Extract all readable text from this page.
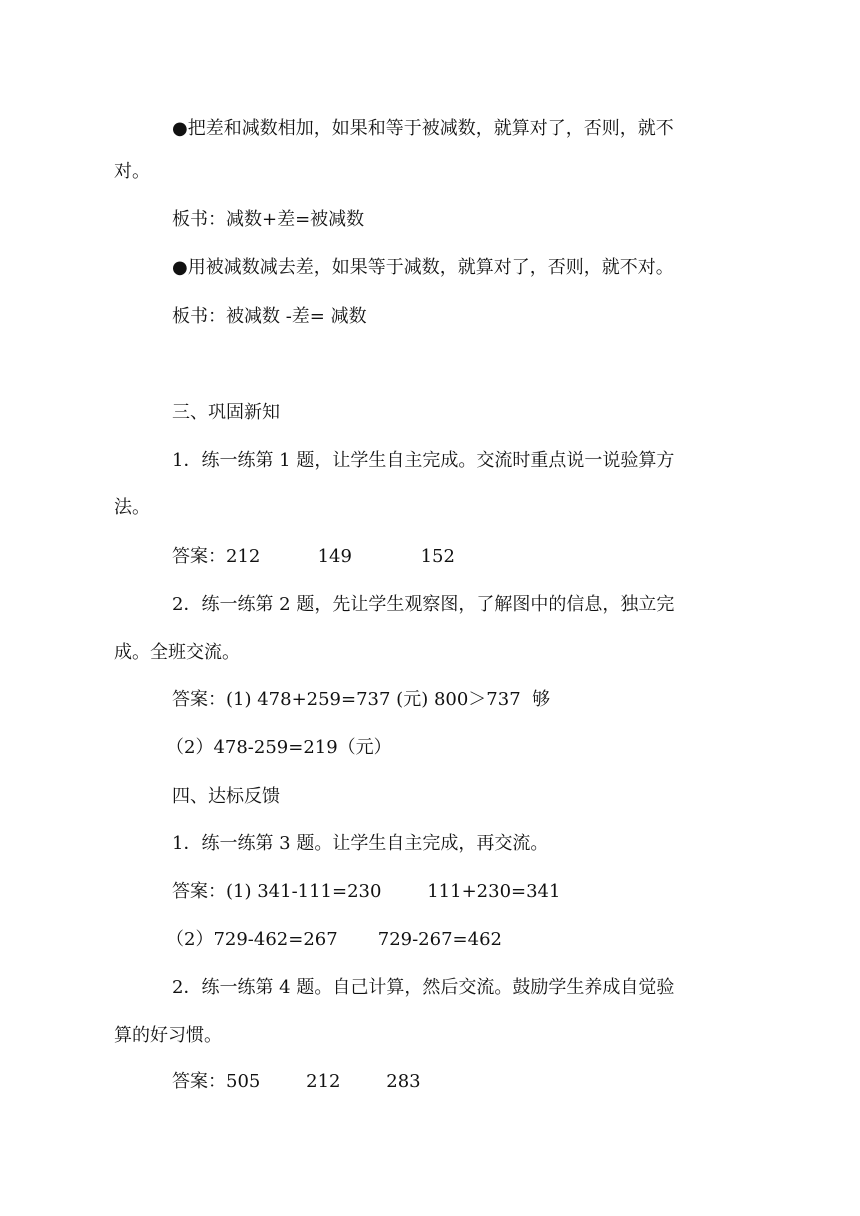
●把差和减数相加，如果和等于被减数，就算对了，否则，就不
对。
板书：减数+差=被减数
●用被减数减去差，如果等于减数，就算对了，否则，就不对。
板书：被减数 -差= 减数
三、巩固新知
1．练一练第 1 题，让学生自主完成。交流时重点说一说验算方
法。
答案：212          149            152
2．练一练第 2 题，先让学生观察图，了解图中的信息，独立完
成。全班交流。
答案：(1) 478+259=737 (元) 800＞737  够
（2）478-259=219（元）
四、达标反馈
1．练一练第 3 题。让学生自主完成，再交流。
答案：(1) 341-111=230        111+230=341
（2）729-462=267       729-267=462
2．练一练第 4 题。自己计算，然后交流。鼓励学生养成自觉验
算的好习惯。
答案：505        212        283
